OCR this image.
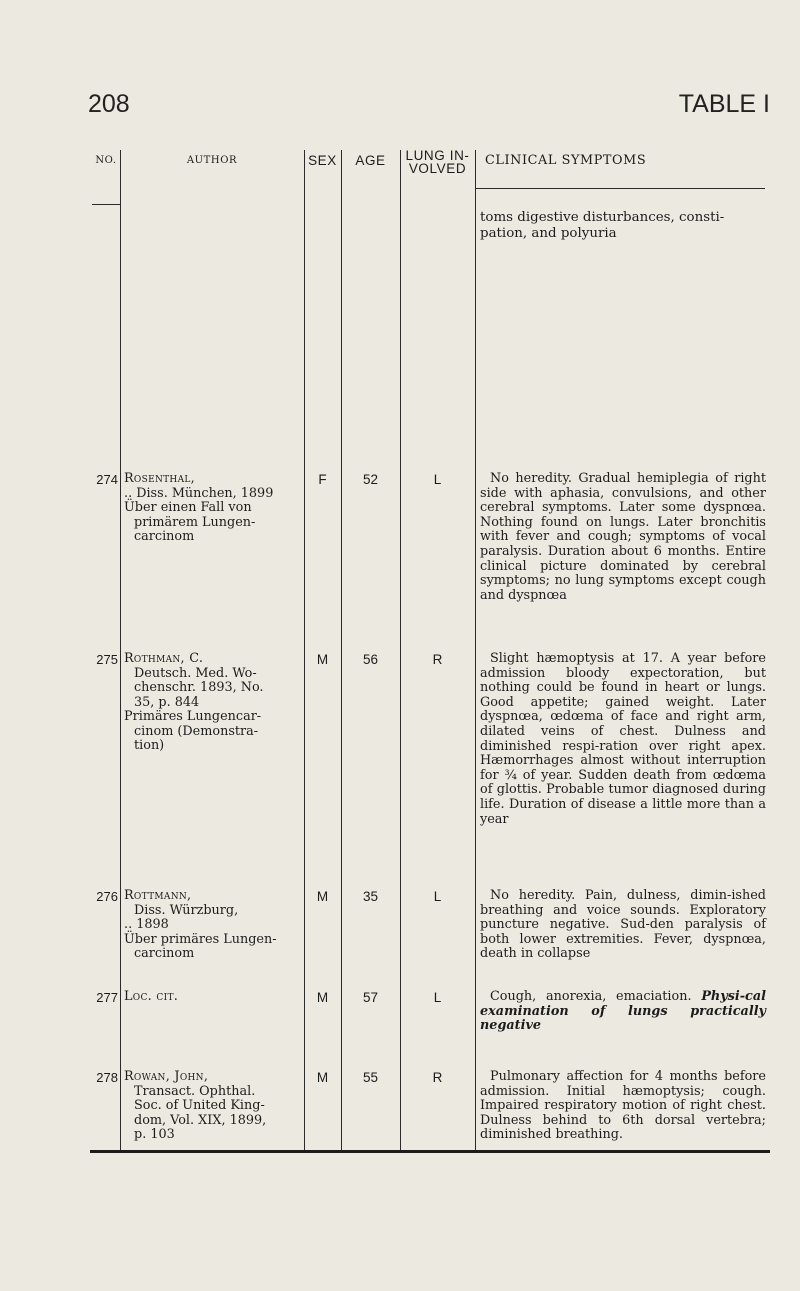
208	TABLE I
NO.	AUTHOR	SEX	AGE	LUNG IN-VOLVED
CLINICAL SYMPTOMS
toms digestive disturbances, consti-pation, and polyuria
274 Rosenthal,
.. Diss. München, 1899
Über einen Fall von
primärem Lungen-
carcinom
F	52	L	No heredity. Gradual hemiplegia of right side with aphasia, convulsions, and other cerebral symptoms. Later some dyspnœa. Nothing found on lungs. Later bronchitis with fever and cough; symptoms of vocal paralysis. Duration about 6 months. Entire clinical picture dominated by cerebral symptoms; no lung symptoms except cough and dyspnœa
275 Rothman, C.
Deutsch. Med. Wo-
chenschr. 1893, No.
35, p. 844
Primäres Lungencar-
cinom (Demonstra-
tion)
M	56	R	Slight hæmoptysis at 17. A year before admission bloody expectoration, but nothing could be found in heart or lungs. Good appetite; gained weight. Later dyspnœa, œdœma of face and right arm, dilated veins of chest. Dulness and diminished respi-ration over right apex. Hæmorrhages almost without interruption for ¾ of year. Sudden death from œdœma of glottis. Probable tumor diagnosed during life. Duration of disease a little more than a year
276 Rottmann,
Diss. Würzburg,
.. 1898
Über primäres Lungen-
carcinom
M	35	L	No heredity. Pain, dulness, dimin-ished breathing and voice sounds. Exploratory puncture negative. Sud-den paralysis of both lower extremities. Fever, dyspnœa, death in collapse
277 Loc. cit.	M	57	L	Cough, anorexia, emaciation. Physi-cal examination of lungs practically negative
278 Rowan, John,
Transact. Ophthal.
Soc. of United King-
dom, Vol. XIX, 1899,
p. 103
M	55	R	Pulmonary affection for 4 months before admission. Initial hæmoptysis; cough. Impaired respiratory motion of right chest. Dulness behind to 6th dorsal vertebra; diminished breathing.
